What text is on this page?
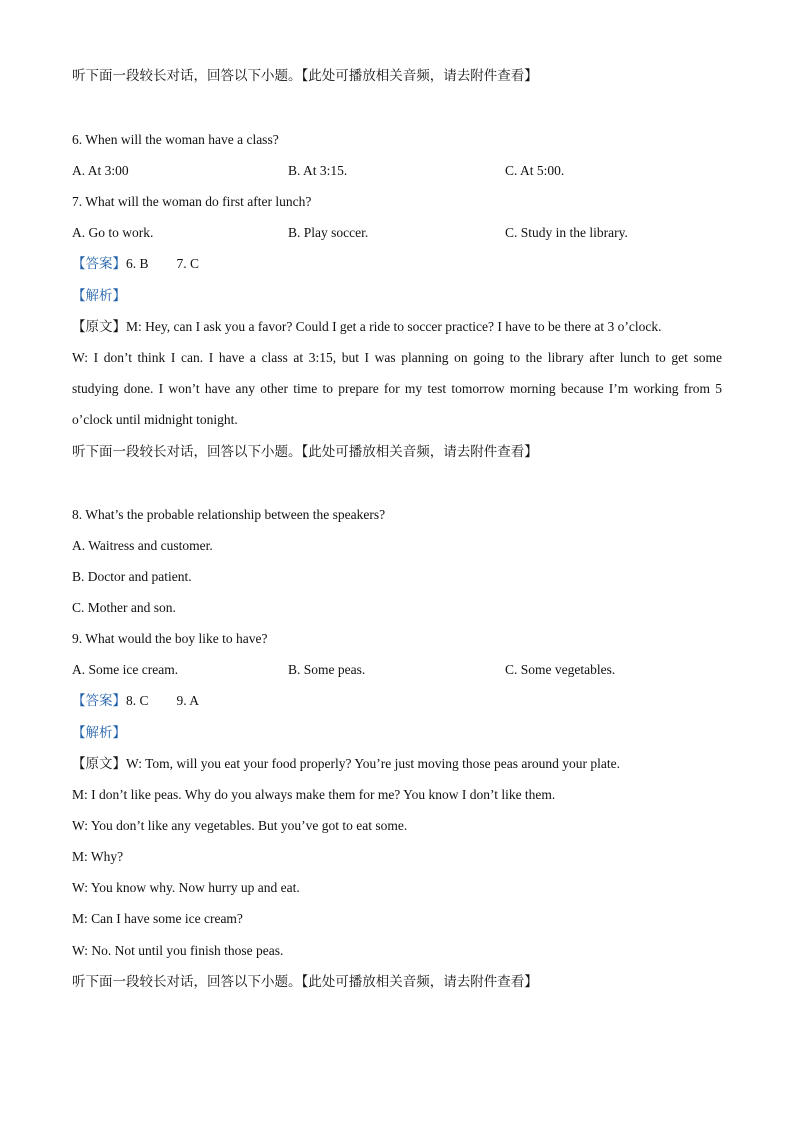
听下面一段较长对话，回答以下小题。【此处可播放相关音频，请去附件查看】
6. When will the woman have a class?
A. At 3:00	B. At 3:15.	C. At 5:00.
7. What will the woman do first after lunch?
A. Go to work.	B. Play soccer.	C. Study in the library.
【答案】6. B 7. C
【解析】
【原文】M: Hey, can I ask you a favor? Could I get a ride to soccer practice? I have to be there at 3 o’clock.
W: I don’t think I can. I have a class at 3:15, but I was planning on going to the library after lunch to get some
studying done. I won’t have any other time to prepare for my test tomorrow morning because I’m working from 5
o’clock until midnight tonight.
听下面一段较长对话，回答以下小题。【此处可播放相关音频，请去附件查看】
8. What’s the probable relationship between the speakers?
A. Waitress and customer.
B. Doctor and patient.
C. Mother and son.
9. What would the boy like to have?
A. Some ice cream.	B. Some peas.	C. Some vegetables.
【答案】8. C 9. A
【解析】
【原文】W: Tom, will you eat your food properly? You’re just moving those peas around your plate.
M: I don’t like peas. Why do you always make them for me? You know I don’t like them.
W: You don’t like any vegetables. But you’ve got to eat some.
M: Why?
W: You know why. Now hurry up and eat.
M: Can I have some ice cream?
W: No. Not until you finish those peas.
听下面一段较长对话，回答以下小题。【此处可播放相关音频，请去附件查看】
